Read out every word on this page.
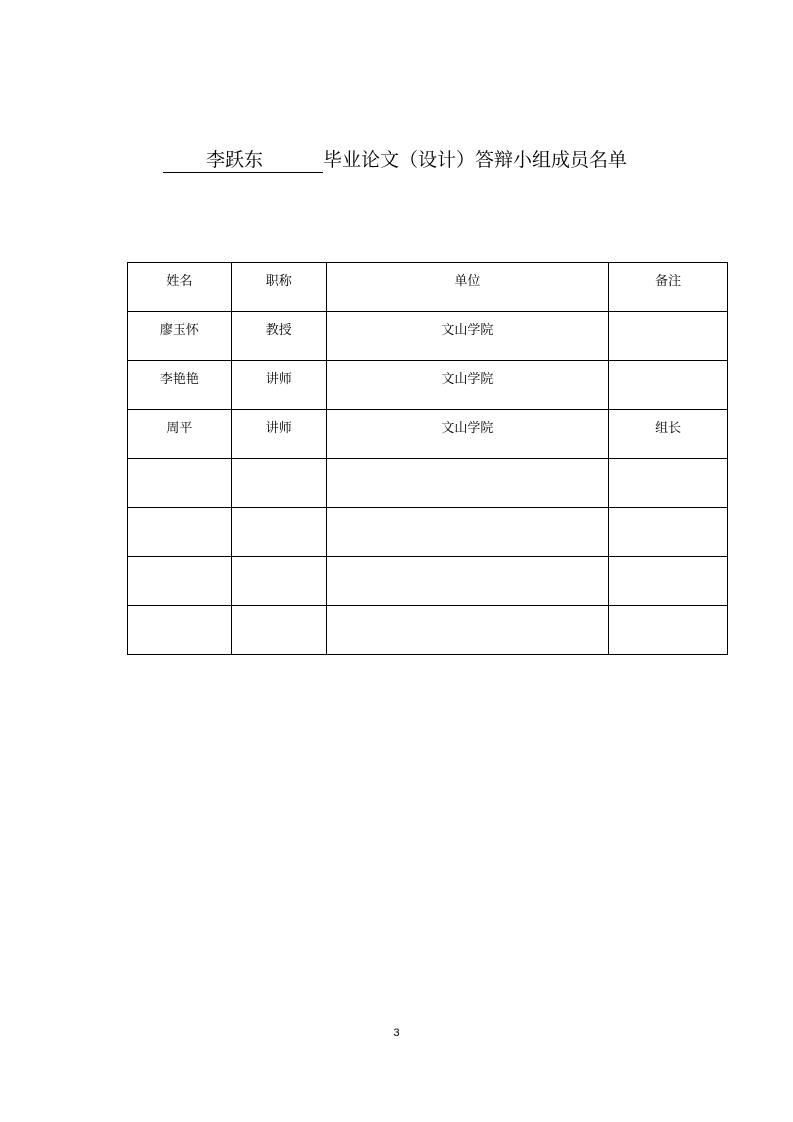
李跃东	毕业论文（设计）答辩小组成员名单
姓名	职称	单位	备注

廖玉怀	教授	文山学院	

李艳艳	讲师	文山学院	

周平	讲师	文山学院	组长

3
